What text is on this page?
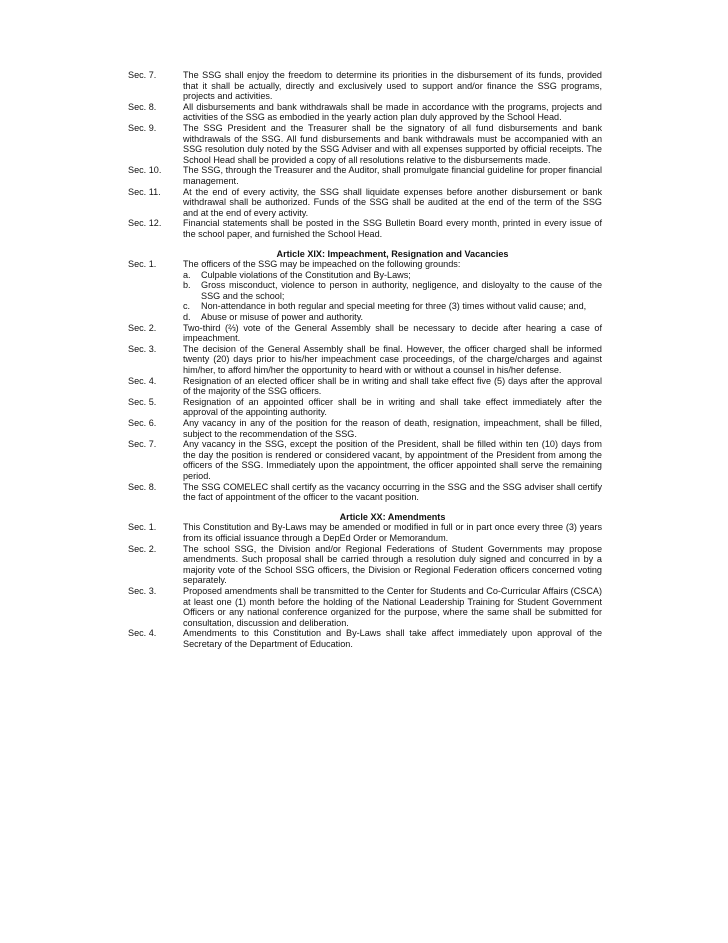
Sec. 7.	The SSG shall enjoy the freedom to determine its priorities in the disbursement of its funds, provided that it shall be actually, directly and exclusively used to support and/or finance the SSG programs, projects and activities.
Sec. 8.	All disbursements and bank withdrawals shall be made in accordance with the programs, projects and activities of the SSG as embodied in the yearly action plan duly approved by the School Head.
Sec. 9.	The SSG President and the Treasurer shall be the signatory of all fund disbursements and bank withdrawals of the SSG. All fund disbursements and bank withdrawals must be accompanied with an SSG resolution duly noted by the SSG Adviser and with all expenses supported by official receipts. The School Head shall be provided a copy of all resolutions relative to the disbursements made.
Sec. 10.	The SSG, through the Treasurer and the Auditor, shall promulgate financial guideline for proper financial management.
Sec. 11.	At the end of every activity, the SSG shall liquidate expenses before another disbursement or bank withdrawal shall be authorized. Funds of the SSG shall be audited at the end of the term of the SSG and at the end of every activity.
Sec. 12.	Financial statements shall be posted in the SSG Bulletin Board every month, printed in every issue of the school paper, and furnished the School Head.
Article XIX: Impeachment, Resignation and Vacancies
Sec. 1.	The officers of the SSG may be impeached on the following grounds:
a.	Culpable violations of the Constitution and By-Laws;
b.	Gross misconduct, violence to person in authority, negligence, and disloyalty to the cause of the SSG and the school;
c.	Non-attendance in both regular and special meeting for three (3) times without valid cause; and,
d.	Abuse or misuse of power and authority.
Sec. 2.	Two-third (⅔) vote of the General Assembly shall be necessary to decide after hearing a case of impeachment.
Sec. 3.	The decision of the General Assembly shall be final. However, the officer charged shall be informed twenty (20) days prior to his/her impeachment case proceedings, of the charge/charges and against him/her, to afford him/her the opportunity to heard with or without a counsel in his/her defense.
Sec. 4.	Resignation of an elected officer shall be in writing and shall take effect five (5) days after the approval of the majority of the SSG officers.
Sec. 5.	Resignation of an appointed officer shall be in writing and shall take effect immediately after the approval of the appointing authority.
Sec. 6.	Any vacancy in any of the position for the reason of death, resignation, impeachment, shall be filled, subject to the recommendation of the SSG.
Sec. 7.	Any vacancy in the SSG, except the position of the President, shall be filled within ten (10) days from the day the position is rendered or considered vacant, by appointment of the President from among the officers of the SSG. Immediately upon the appointment, the officer appointed shall serve the remaining period.
Sec. 8.	The SSG COMELEC shall certify as the vacancy occurring in the SSG and the SSG adviser shall certify the fact of appointment of the officer to the vacant position.
Article XX: Amendments
Sec. 1.	This Constitution and By-Laws may be amended or modified in full or in part once every three (3) years from its official issuance through a DepEd Order or Memorandum.
Sec. 2.	The school SSG, the Division and/or Regional Federations of Student Governments may propose amendments. Such proposal shall be carried through a resolution duly signed and concurred in by a majority vote of the School SSG officers, the Division or Regional Federation officers concerned voting separately.
Sec. 3.	Proposed amendments shall be transmitted to the Center for Students and Co-Curricular Affairs (CSCA) at least one (1) month before the holding of the National Leadership Training for Student Government Officers or any national conference organized for the purpose, where the same shall be submitted for consultation, discussion and deliberation.
Sec. 4.	Amendments to this Constitution and By-Laws shall take affect immediately upon approval of the Secretary of the Department of Education.
